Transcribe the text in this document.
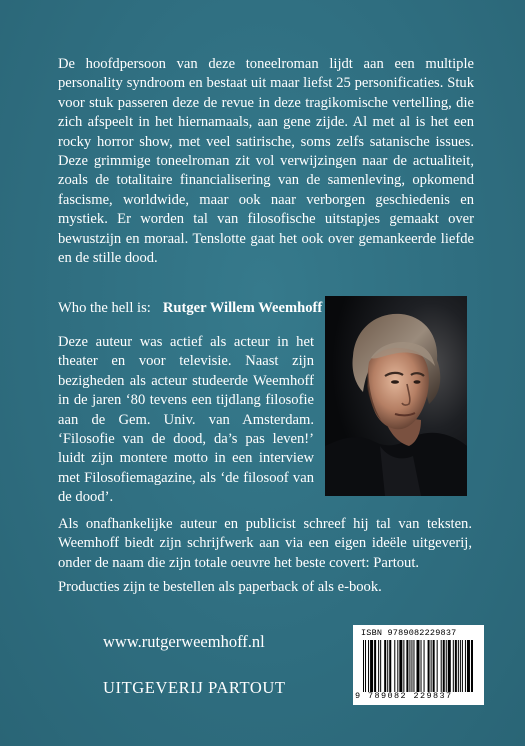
De hoofdpersoon van deze toneelroman lijdt aan een multiple personality syndroom en bestaat uit maar liefst 25 personificaties. Stuk voor stuk passeren deze de revue in deze tragikomische vertelling, die zich afspeelt in het hiernamaals, aan gene zijde. Al met al is het een rocky horror show, met veel satirische, soms zelfs satanische issues. Deze grimmige toneelroman zit vol verwijzingen naar de actualiteit, zoals de totalitaire financialisering van de samenleving, opkomend fascisme, worldwide, maar ook naar verborgen geschiedenis en mystiek. Er worden tal van filosofische uitstapjes gemaakt over bewustzijn en moraal. Tenslotte gaat het ook over gemankeerde liefde en de stille dood.

Who the hell is: Rutger Willem Weemhoff

Deze auteur was actief als acteur in het theater en voor televisie. Naast zijn bezigheden als acteur studeerde Weemhoff in de jaren ‘80 tevens een tijdlang filosofie aan de Gem. Univ. van Amsterdam. ‘Filosofie van de dood, da’s pas leven!’ luidt zijn montere motto in een interview met Filosofiemagazine, als ‘de filosoof van de dood’.

Als onafhankelijke auteur en publicist schreef hij tal van teksten. Weemhoff biedt zijn schrijfwerk aan via een eigen ideële uitgeverij, onder de naam die zijn totale oeuvre het beste covert: Partout.

Producties zijn te bestellen als paperback of als e-book.

www.rutgerweemhoff.nl
UITGEVERIJ PARTOUT
ISBN 9789082229837
9 789082 229837
